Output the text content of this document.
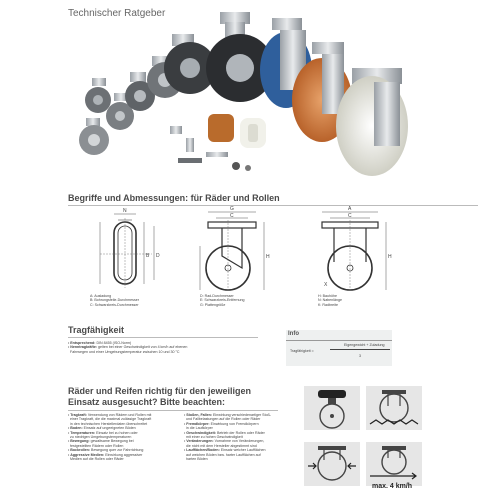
Technischer Ratgeber
Begriffe und Abmessungen: für Räder und Rollen
N
B D
A: Ausladung
B: Bohrungsfeile-Durchmesser
C: Schwarzkreis-Durchmesser
G
C
H
D: Rad-Durchmesser
E: Schwarzkreis-Entfernung
G: Plattengröße
A
C
H
X
H: Bauhöhe
N: Nabenlänge
K: Radbreite
Tragfähigkeit
• Entsprechend: DIN 8455 (ISO-Norm)
• Nenntragkräfte: gelten bei einer Geschwindigkeit von 4 km/h auf ebenen
Fahrwegen und einer Umgebungstemperatur zwischen 10 und 30 °C
Info
Tragfähigkeit =
Eigengewicht + Zuladung
3
Räder und Reifen richtig für den jeweiligen
Einsatz ausgesucht? Bitte beachten:
• Tragkraft: Verwendung von Rädern und Rollen mit
einer Tragkraft, die die maximal zulässige Tragkraft
in den technischen Herstellerdaten überschreitet
• Boden: Einsatz auf ungeeigneten Böden
• Temperaturen: Einsatz bei zu hohen oder
zu niedrigen Umgebungstemperaturen
• Bewegung: gewaltsame Bewegung bei
festgestellten Rädern oder Rollen
• Bockrollen: Bewegung quer zur Fahrrichtung
• Aggressive Medien: Einwirkung aggressiver
Medien auf die Rollen oder Räder
• Stoßen, Fallen: Einwirkung verschiedenartiger Stoß-
und Fallbelastungen auf die Rollen oder Räder
• Fremdkörper: Einwirkung von Fremdkörpern
in die Laufkörper
• Geschwindigkeit: Betrieb der Rollen oder Räder
mit einer zu hohen Geschwindigkeit
• Veränderungen: Vornahme von Veränderungen,
die nicht mit dem Hersteller abgestimmt sind
• Laufflächen/Boden: Einsatz weicher Laufflächen
auf weichen Böden bzw. harter Laufflächen auf
harten Böden
max. 4 km/h
